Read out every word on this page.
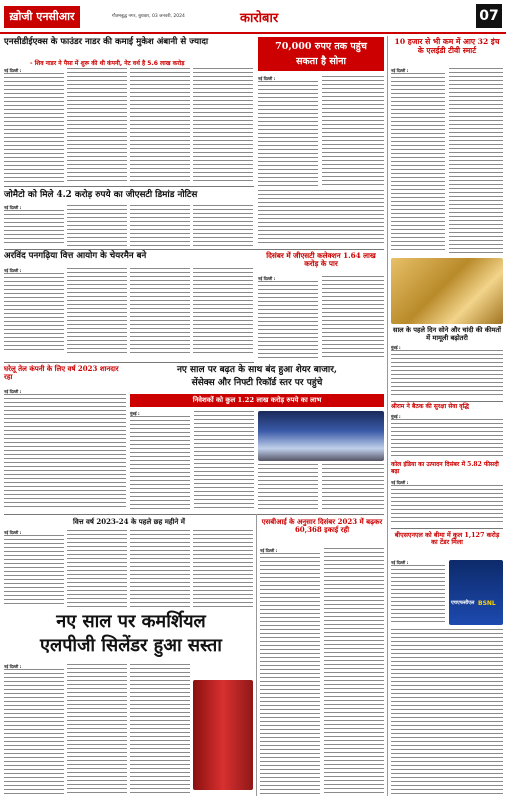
ख़ोजी एनसीआर	गौतमबुद्ध नगर, बुधवार, 03 जनवरी, 2024	कारोबार	07
एनसीडीईएक्स के फाउंडर नाडर की कमाई मुकेश अंबानी से ज्यादा
- शिव नाडर ने पैसा में शुरू की थी कंपनी, नेट वर्थ है 5.6 लाख करोड़
नई दिल्ली :
70,000 रुपए तक पहुंच
सकता है सोना
नई दिल्ली :
10 हजार से भी कम में आए 32 इंच के एलईडी टीवी स्मार्ट
नई दिल्ली :
जोमैटो को मिले 4.2 करोड़ रुपये का जीएसटी डिमांड नोटिस
नई दिल्ली :
अरविंद पनगढ़िया वित्त आयोग के चेयरमैन बने
नई दिल्ली :
दिसंबर में जीएसटी कलेक्शन 1.64 लाख करोड़ के पार
नई दिल्ली :
साल के पहले दिन सोने और चांदी की कीमतों में मामूली बढ़ोतरी
मुंबई :
घरेलू तेल कंपनी के लिए वर्ष 2023 शानदार रहा
नई दिल्ली :
नए साल पर बढ़त के साथ बंद हुआ शेयर बाजार,
सेंसेक्स और निफ्टी रिकॉर्ड स्तर पर पहुंचे
निवेशकों को कुल 1.22 लाख करोड़ रुपये का लाभ
मुंबई :
श्रीराम ने बैठक की सुरक्षा सेवा वृद्धि
मुंबई :
कोल इंडिया का उत्पादन दिसंबर में 5.82 फीसदी बढ़ा
नई दिल्ली :
नए साल पर कमर्शियल
एलपीजी सिलेंडर हुआ सस्ता
नई दिल्ली :
वित्त वर्ष 2023-24 के पहले छह महीने में
नई दिल्ली :
एसबीआई के अनुसार दिसंबर 2023 में बढ़कर 60,368 इकाई रही
नई दिल्ली :
बीएसएनएल को बीमा में कुल 1,127 करोड़ का टेंडर मिला
नई दिल्ली :
एचएफसीएल BSNL
